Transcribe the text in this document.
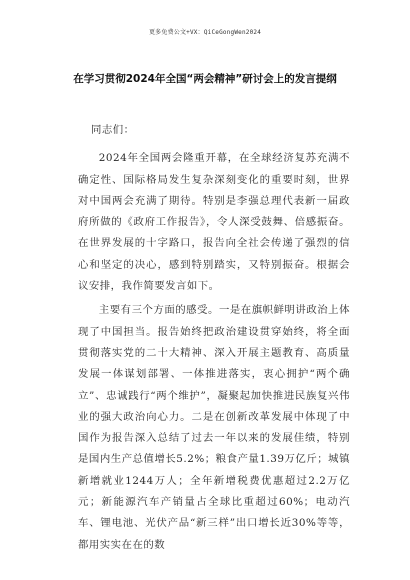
更多免费公文+VX：QiCeGongWen2024
在学习贯彻2024年全国“两会精神”研讨会上的发言提纲

同志们：

2024年全国两会隆重开幕，在全球经济复苏充满不确定性、国际格局发生复杂深刻变化的重要时刻，世界对中国两会充满了期待。特别是李强总理代表新一届政府所做的《政府工作报告》，令人深受鼓舞、倍感振奋。在世界发展的十字路口，报告向全社会传递了强烈的信心和坚定的决心，感到特别踏实，又特别振奋。根据会议安排，我作简要发言如下。

主要有三个方面的感受。一是在旗帜鲜明讲政治上体现了中国担当。报告始终把政治建设贯穿始终，将全面贯彻落实党的二十大精神、深入开展主题教育、高质量发展一体谋划部署、一体推进落实，衷心拥护“两个确立”、忠诚践行“两个维护”，凝聚起加快推进民族复兴伟业的强大政治向心力。二是在创新改革发展中体现了中国作为报告深入总结了过去一年以来的发展佳绩，特别是国内生产总值增长5.2%；粮食产量1.39万亿斤；城镇新增就业1244万人；全年新增税费优惠超过2.2万亿元；新能源汽车产销量占全球比重超过60%；电动汽车、锂电池、光伏产品“新三样”出口增长近30%等等，都用实实在在的数
